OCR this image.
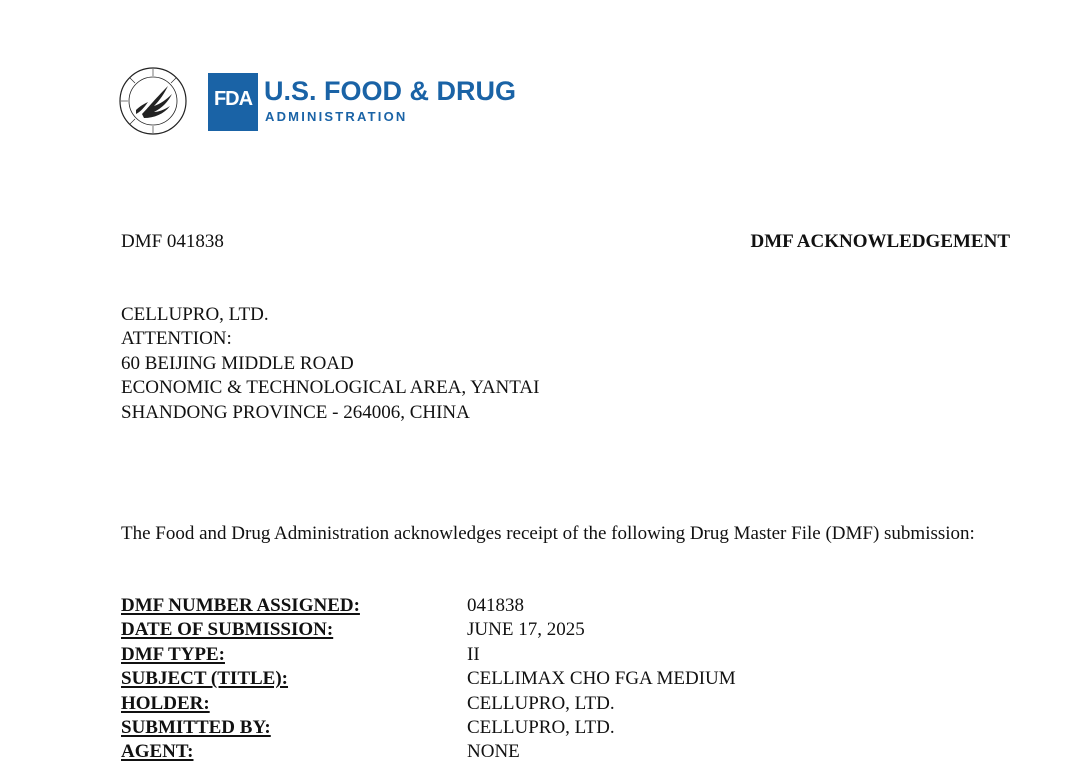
FDA U.S. FOOD & DRUG
ADMINISTRATION
DMF 041838	DMF ACKNOWLEDGEMENT
CELLUPRO, LTD.
ATTENTION:
60 BEIJING MIDDLE ROAD
ECONOMIC & TECHNOLOGICAL AREA, YANTAI
SHANDONG PROVINCE - 264006, CHINA
The Food and Drug Administration acknowledges receipt of the following Drug Master File (DMF) submission:
DMF NUMBER ASSIGNED:	041838
DATE OF SUBMISSION:	JUNE 17, 2025
DMF TYPE:	II
SUBJECT (TITLE):	CELLIMAX CHO FGA MEDIUM
HOLDER:	CELLUPRO, LTD.
SUBMITTED BY:	CELLUPRO, LTD.
AGENT:	NONE
